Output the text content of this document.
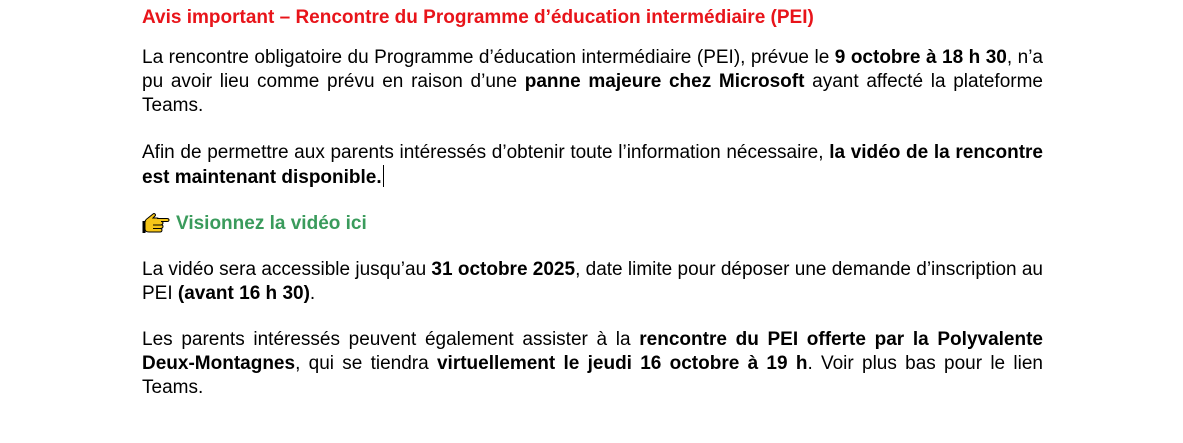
Avis important – Rencontre du Programme d’éducation intermédiaire (PEI)

La rencontre obligatoire du Programme d’éducation intermédiaire (PEI), prévue le 9 octobre à 18 h 30, n’a pu avoir lieu comme prévu en raison d’une panne majeure chez Microsoft ayant affecté la plateforme Teams.

Afin de permettre aux parents intéressés d’obtenir toute l’information nécessaire, la vidéo de la rencontre est maintenant disponible.

Visionnez la vidéo ici

La vidéo sera accessible jusqu’au 31 octobre 2025, date limite pour déposer une demande d’inscription au PEI (avant 16 h 30).

Les parents intéressés peuvent également assister à la rencontre du PEI offerte par la Polyvalente Deux-Montagnes, qui se tiendra virtuellement le jeudi 16 octobre à 19 h. Voir plus bas pour le lien Teams.
